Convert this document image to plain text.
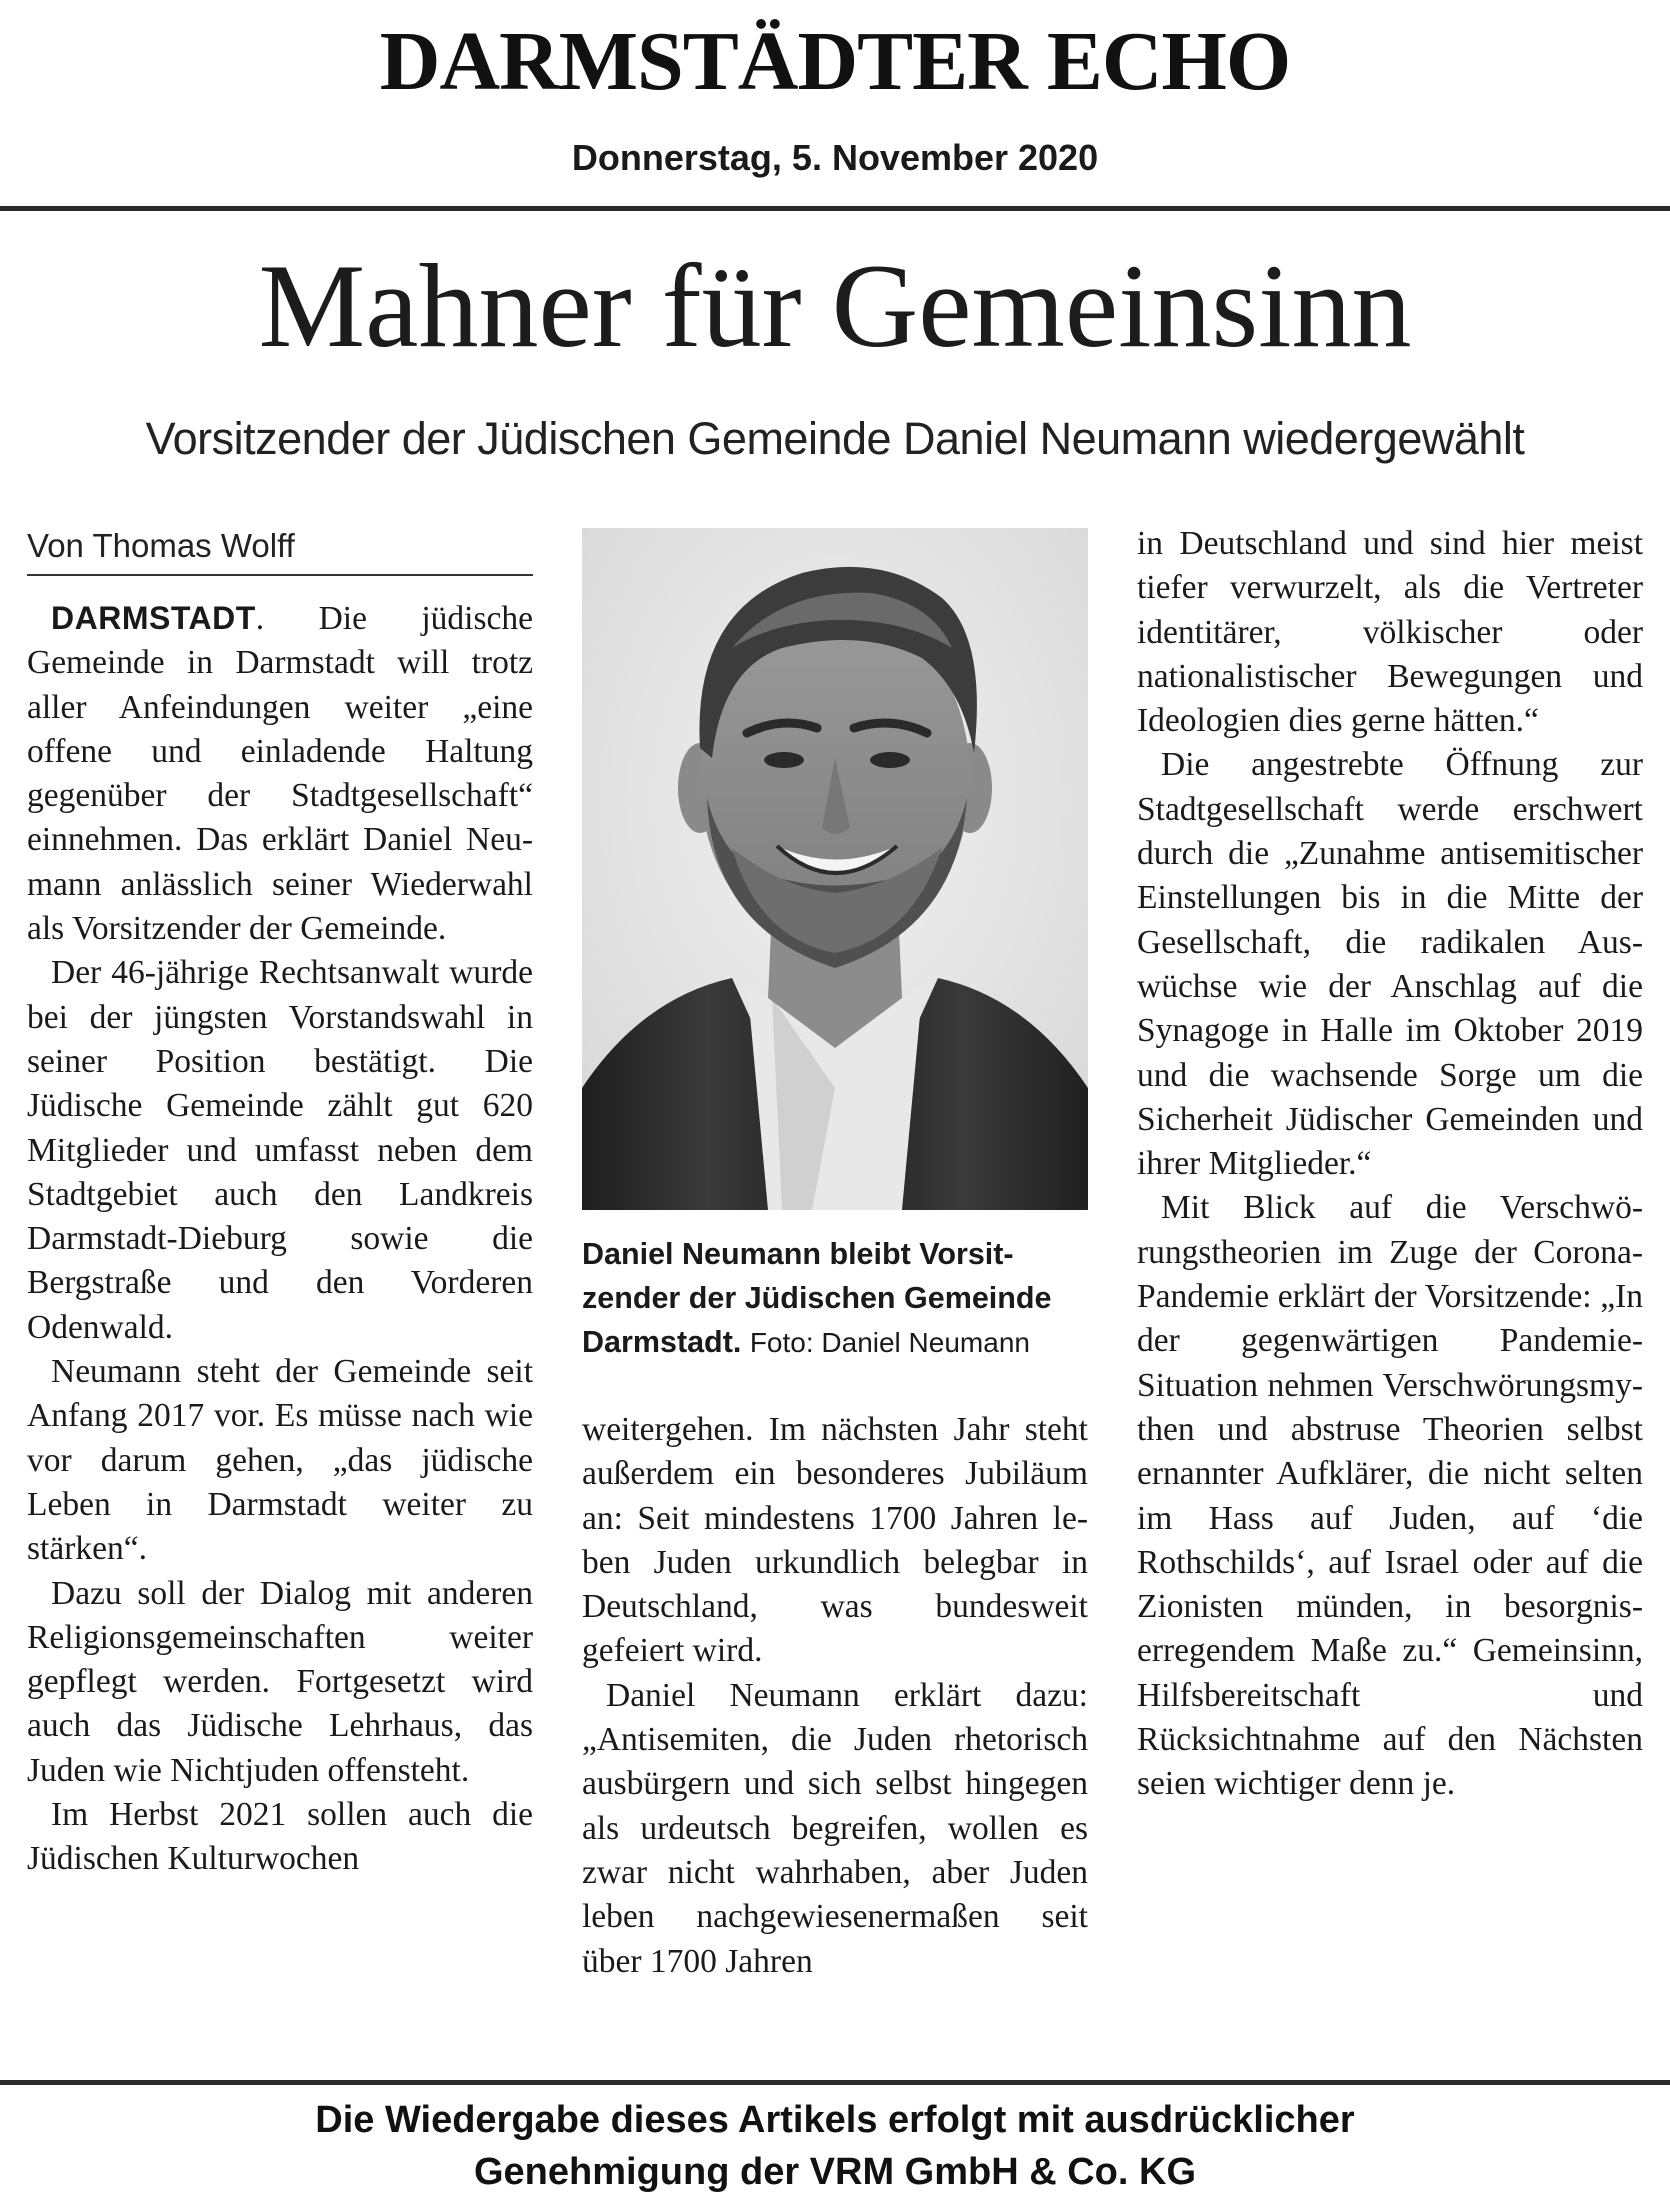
DARMSTÄDTER ECHO
Donnerstag, 5. November 2020
Mahner für Gemeinsinn
Vorsitzender der Jüdischen Gemeinde Daniel Neumann wiedergewählt
Von Thomas Wolff

DARMSTADT. Die jüdische Gemeinde in Darmstadt will trotz aller Anfeindungen weiter „eine offene und einladende Haltung gegenüber der Stadtgesellschaft“ einnehmen. Das erklärt Daniel Neumann anlässlich seiner Wiederwahl als Vorsitzender der Gemeinde.

Der 46-jährige Rechtsanwalt wurde bei der jüngsten Vorstandswahl in seiner Position bestätigt. Die Jüdische Gemeinde zählt gut 620 Mitglieder und umfasst neben dem Stadtgebiet auch den Landkreis Darmstadt-Dieburg sowie die Bergstraße und den Vorderen Odenwald.

Neumann steht der Gemeinde seit Anfang 2017 vor. Es müsse nach wie vor darum gehen, „das jüdische Leben in Darmstadt weiter zu stärken“.

Dazu soll der Dialog mit anderen Religionsgemeinschaften weiter gepflegt werden. Fortgesetzt wird auch das Jüdische Lehrhaus, das Juden wie Nichtjuden offensteht.

Im Herbst 2021 sollen auch die Jüdischen Kulturwochen

Daniel Neumann bleibt Vorsitzender der Jüdischen Gemeinde Darmstadt. Foto: Daniel Neumann

weitergehen. Im nächsten Jahr steht außerdem ein besonderes Jubiläum an: Seit mindestens 1700 Jahren leben Juden urkundlich belegbar in Deutschland, was bundesweit gefeiert wird.

Daniel Neumann erklärt dazu: „Antisemiten, die Juden rhetorisch ausbürgern und sich selbst hingegen als urdeutsch begreifen, wollen es zwar nicht wahrhaben, aber Juden leben nachgewiesenermaßen seit über 1700 Jahren

in Deutschland und sind hier meist tiefer verwurzelt, als die Vertreter identitärer, völkischer oder nationalistischer Bewegungen und Ideologien dies gerne hätten.“

Die angestrebte Öffnung zur Stadtgesellschaft werde erschwert durch die „Zunahme antisemitischer Einstellungen bis in die Mitte der Gesellschaft, die radikalen Auswüchse wie der Anschlag auf die Synagoge in Halle im Oktober 2019 und die wachsende Sorge um die Sicherheit Jüdischer Gemeinden und ihrer Mitglieder.“

Mit Blick auf die Verschwörungstheorien im Zuge der Corona-Pandemie erklärt der Vorsitzende: „In der gegenwärtigen Pandemie-Situation nehmen Verschwörungsmythen und abstruse Theorien selbst ernannter Aufklärer, die nicht selten im Hass auf Juden, auf ‘die Rothschilds‘, auf Israel oder auf die Zionisten münden, in besorgniserregendem Maße zu.“ Gemeinsinn, Hilfsbereitschaft und Rücksichtnahme auf den Nächsten seien wichtiger denn je.

Die Wiedergabe dieses Artikels erfolgt mit ausdrücklicher
Genehmigung der VRM GmbH & Co. KG
